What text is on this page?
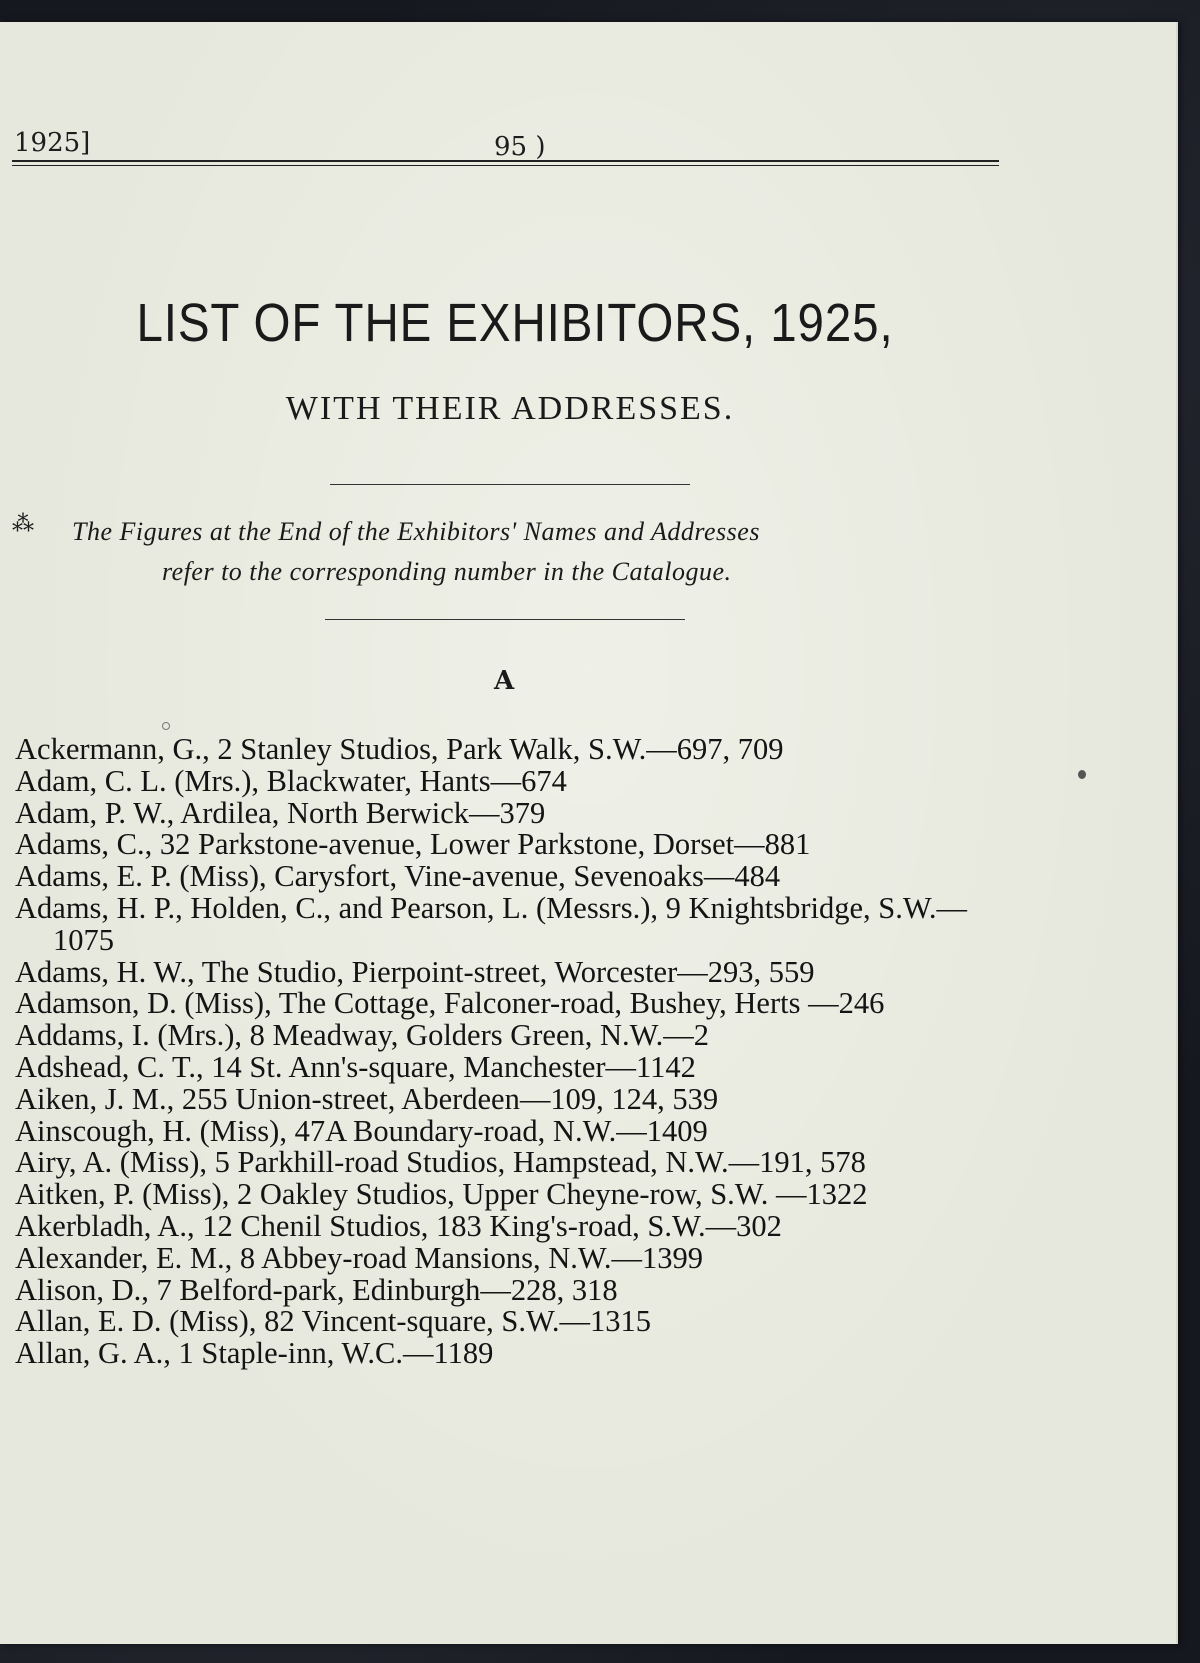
1925]	95 )
LIST OF THE EXHIBITORS, 1925,
WITH THEIR ADDRESSES.
⁂ The Figures at the End of the Exhibitors' Names and Addresses
refer to the corresponding number in the Catalogue.
A
Ackermann, G., 2 Stanley Studios, Park Walk, S.W.—697, 709
Adam, C. L. (Mrs.), Blackwater, Hants—674
Adam, P. W., Ardilea, North Berwick—379
Adams, C., 32 Parkstone-avenue, Lower Parkstone, Dorset—881
Adams, E. P. (Miss), Carysfort, Vine-avenue, Sevenoaks—484
Adams, H. P., Holden, C., and Pearson, L. (Messrs.), 9 Knightsbridge, S.W.—1075
Adams, H. W., The Studio, Pierpoint-street, Worcester—293, 559
Adamson, D. (Miss), The Cottage, Falconer-road, Bushey, Herts —246
Addams, I. (Mrs.), 8 Meadway, Golders Green, N.W.—2
Adshead, C. T., 14 St. Ann's-square, Manchester—1142
Aiken, J. M., 255 Union-street, Aberdeen—109, 124, 539
Ainscough, H. (Miss), 47A Boundary-road, N.W.—1409
Airy, A. (Miss), 5 Parkhill-road Studios, Hampstead, N.W.—191, 578
Aitken, P. (Miss), 2 Oakley Studios, Upper Cheyne-row, S.W. —1322
Akerbladh, A., 12 Chenil Studios, 183 King's-road, S.W.—302
Alexander, E. M., 8 Abbey-road Mansions, N.W.—1399
Alison, D., 7 Belford-park, Edinburgh—228, 318
Allan, E. D. (Miss), 82 Vincent-square, S.W.—1315
Allan, G. A., 1 Staple-inn, W.C.—1189
